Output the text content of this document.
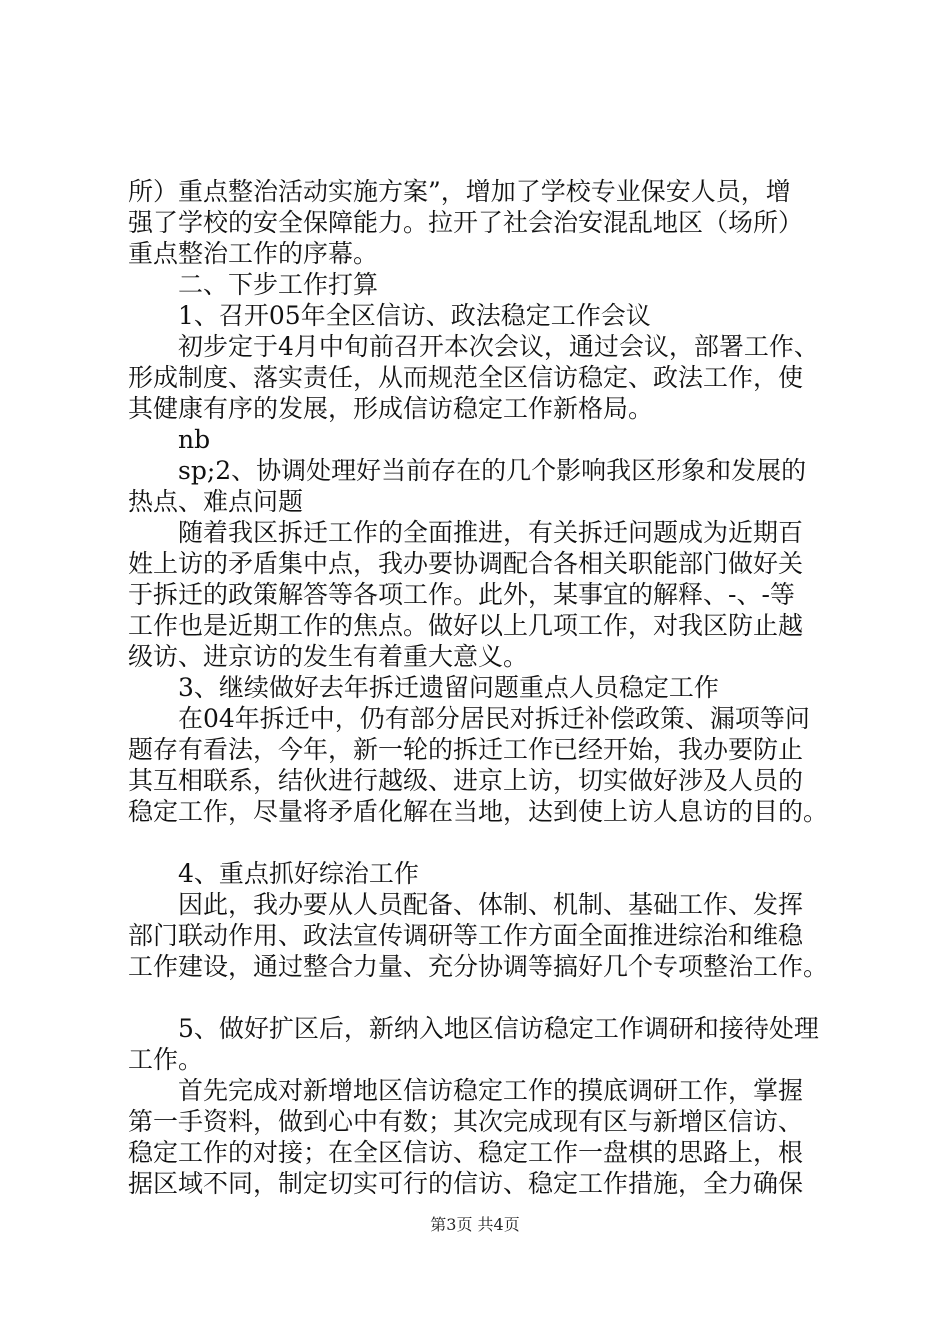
所）重点整治活动实施方案”，增加了学校专业保安人员，增
强了学校的安全保障能力。拉开了社会治安混乱地区（场所）
重点整治工作的序幕。
二、下步工作打算
1、召开05年全区信访、政法稳定工作会议
初步定于4月中旬前召开本次会议，通过会议，部署工作、
形成制度、落实责任，从而规范全区信访稳定、政法工作，使
其健康有序的发展，形成信访稳定工作新格局。
nb
sp;2、协调处理好当前存在的几个影响我区形象和发展的
热点、难点问题
随着我区拆迁工作的全面推进，有关拆迁问题成为近期百
姓上访的矛盾集中点，我办要协调配合各相关职能部门做好关
于拆迁的政策解答等各项工作。此外，某事宜的解释、-、-等
工作也是近期工作的焦点。做好以上几项工作，对我区防止越
级访、进京访的发生有着重大意义。
3、继续做好去年拆迁遗留问题重点人员稳定工作
在04年拆迁中，仍有部分居民对拆迁补偿政策、漏项等问
题存有看法，今年，新一轮的拆迁工作已经开始，我办要防止
其互相联系，结伙进行越级、进京上访，切实做好涉及人员的
稳定工作，尽量将矛盾化解在当地，达到使上访人息访的目的。
4、重点抓好综治工作
因此，我办要从人员配备、体制、机制、基础工作、发挥
部门联动作用、政法宣传调研等工作方面全面推进综治和维稳
工作建设，通过整合力量、充分协调等搞好几个专项整治工作。
5、做好扩区后，新纳入地区信访稳定工作调研和接待处理
工作。
首先完成对新增地区信访稳定工作的摸底调研工作，掌握
第一手资料，做到心中有数；其次完成现有区与新增区信访、
稳定工作的对接；在全区信访、稳定工作一盘棋的思路上，根
据区域不同，制定切实可行的信访、稳定工作措施，全力确保
第3页 共4页
